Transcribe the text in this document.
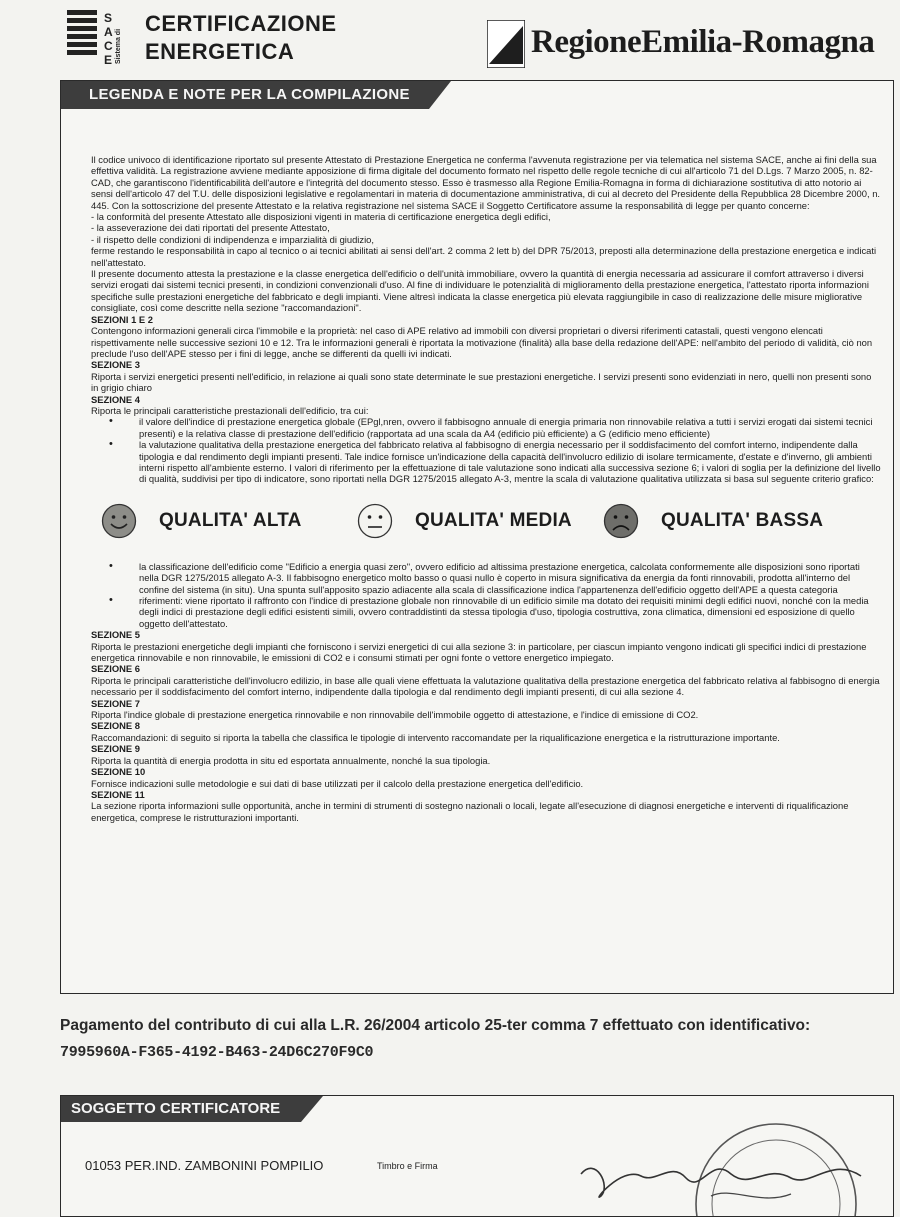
S
A
C
E Sistema di
CERTIFICAZIONE
ENERGETICA	RegioneEmilia-Romagna
LEGENDA E NOTE PER LA COMPILAZIONE

Il codice univoco di identificazione riportato sul presente Attestato di Prestazione Energetica ne conferma l'avvenuta registrazione per via telematica nel sistema SACE, anche ai fini della sua effettiva validità. La registrazione avviene mediante apposizione di firma digitale del documento formato nel rispetto delle regole tecniche di cui all'articolo 71 del D.Lgs. 7 Marzo 2005, n. 82-CAD, che garantiscono l'identificabilità dell'autore e l'integrità del documento stesso. Esso è trasmesso alla Regione Emilia-Romagna in forma di dichiarazione sostitutiva di atto notorio ai sensi dell'articolo 47 del T.U. delle disposizioni legislative e regolamentari in materia di documentazione amministrativa, di cui al decreto del Presidente della Repubblica 28 Dicembre 2000, n. 445. Con la sottoscrizione del presente Attestato e la relativa registrazione nel sistema SACE il Soggetto Certificatore assume la responsabilità di legge per quanto concerne:

- la conformità del presente Attestato alle disposizioni vigenti in materia di certificazione energetica degli edifici,

- la asseverazione dei dati riportati del presente Attestato,

- il rispetto delle condizioni di indipendenza e imparzialità di giudizio,

ferme restando le responsabilità in capo al tecnico o ai tecnici abilitati ai sensi dell'art. 2 comma 2 lett b) del DPR 75/2013, preposti alla determinazione della prestazione energetica e indicati nell'attestato.

Il presente documento attesta la prestazione e la classe energetica dell'edificio o dell'unità immobiliare, ovvero la quantità di energia necessaria ad assicurare il comfort attraverso i diversi servizi erogati dai sistemi tecnici presenti, in condizioni convenzionali d'uso. Al fine di individuare le potenzialità di miglioramento della prestazione energetica, l'attestato riporta informazioni specifiche sulle prestazioni energetiche del fabbricato e degli impianti. Viene altresì indicata la classe energetica più elevata raggiungibile in caso di realizzazione delle misure migliorative consigliate, così come descritte nella sezione "raccomandazioni".

SEZIONI 1 E 2

Contengono informazioni generali circa l'immobile e la proprietà: nel caso di APE relativo ad immobili con diversi proprietari o diversi riferimenti catastali, questi vengono elencati rispettivamente nelle successive sezioni 10 e 12. Tra le informazioni generali è riportata la motivazione (finalità) alla base della redazione dell'APE: nell'ambito del periodo di validità, ciò non preclude l'uso dell'APE stesso per i fini di legge, anche se differenti da quelli ivi indicati.

SEZIONE 3

Riporta i servizi energetici presenti nell'edificio, in relazione ai quali sono state determinate le sue prestazioni energetiche. I servizi presenti sono evidenziati in nero, quelli non presenti sono in grigio chiaro

SEZIONE 4

Riporta le principali caratteristiche prestazionali dell'edificio, tra cui:

• il valore dell'indice di prestazione energetica globale (EPgl,nren, ovvero il fabbisogno annuale di energia primaria non rinnovabile relativa a tutti i servizi erogati dai sistemi tecnici presenti) e la relativa classe di prestazione dell'edificio (rapportata ad una scala da A4 (edificio più efficiente) a G (edificio meno efficiente)

• la valutazione qualitativa della prestazione energetica del fabbricato relativa al fabbisogno di energia necessario per il soddisfacimento del comfort interno, indipendente dalla tipologia e dal rendimento degli impianti presenti. Tale indice fornisce un'indicazione della capacità dell'involucro edilizio di isolare termicamente, d'estate e d'inverno, gli ambienti interni rispetto all'ambiente esterno. I valori di riferimento per la effettuazione di tale valutazione sono indicati alla successiva sezione 6; i valori di soglia per la definizione del livello di qualità, suddivisi per tipo di indicatore, sono riportati nella DGR 1275/2015 allegato A-3, mentre la scala di valutazione qualitativa utilizzata si basa sul seguente criterio grafico:

QUALITA' ALTA	QUALITA' MEDIA	QUALITA' BASSA

• la classificazione dell'edificio come "Edificio a energia quasi zero", ovvero edificio ad altissima prestazione energetica, calcolata conformemente alle disposizioni sono riportati nella DGR 1275/2015 allegato A-3. Il fabbisogno energetico molto basso o quasi nullo è coperto in misura significativa da energia da fonti rinnovabili, prodotta all'interno del confine del sistema (in situ). Una spunta sull'apposito spazio adiacente alla scala di classificazione indica l'appartenenza dell'edificio oggetto dell'APE a questa categoria

• riferimenti: viene riportato il raffronto con l'indice di prestazione globale non rinnovabile di un edificio simile ma dotato dei requisiti minimi degli edifici nuovi, nonché con la media degli indici di prestazione degli edifici esistenti simili, ovvero contraddistinti da stessa tipologia d'uso, tipologia costruttiva, zona climatica, dimensioni ed esposizione di quello oggetto dell'attestato.

SEZIONE 5

Riporta le prestazioni energetiche degli impianti che forniscono i servizi energetici di cui alla sezione 3: in particolare, per ciascun impianto vengono indicati gli specifici indici di prestazione energetica rinnovabile e non rinnovabile, le emissioni di CO2 e i consumi stimati per ogni fonte o vettore energetico impiegato.

SEZIONE 6

Riporta le principali caratteristiche dell'involucro edilizio, in base alle quali viene effettuata la valutazione qualitativa della prestazione energetica del fabbricato relativa al fabbisogno di energia necessario per il soddisfacimento del comfort interno, indipendente dalla tipologia e dal rendimento degli impianti presenti, di cui alla sezione 4.

SEZIONE 7

Riporta l'indice globale di prestazione energetica rinnovabile e non rinnovabile dell'immobile oggetto di attestazione, e l'indice di emissione di CO2.

SEZIONE 8

Raccomandazioni: di seguito si riporta la tabella che classifica le tipologie di intervento raccomandate per la riqualificazione energetica e la ristrutturazione importante.

SEZIONE 9

Riporta la quantità di energia prodotta in situ ed esportata annualmente, nonché la sua tipologia.

SEZIONE 10

Fornisce indicazioni sulle metodologie e sui dati di base utilizzati per il calcolo della prestazione energetica dell'edificio.

SEZIONE 11

La sezione riporta informazioni sulle opportunità, anche in termini di strumenti di sostegno nazionali o locali, legate all'esecuzione di diagnosi energetiche e interventi di riqualificazione energetica, comprese le ristrutturazioni importanti.

Pagamento del contributo di cui alla L.R. 26/2004 articolo 25-ter comma 7 effettuato con identificativo:
7995960A-F365-4192-B463-24D6C270F9C0
SOGGETTO CERTIFICATORE
01053 PER.IND. ZAMBONINI POMPILIO	Timbro e Firma
